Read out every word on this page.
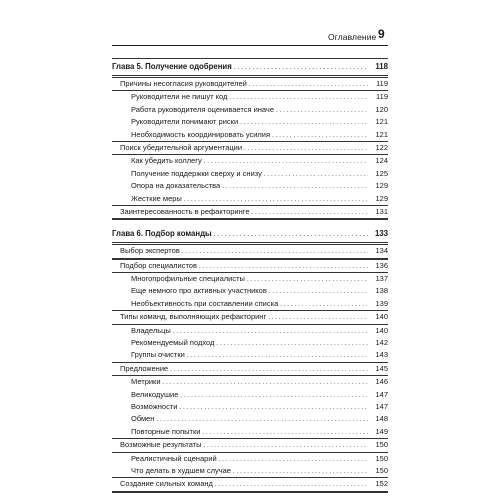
Оглавление 9
Глава 5. Получение одобрения . . .	118
Причины несогласия руководителей . . .	119
Руководители не пишут код . . .	119
Работа руководителя оценивается иначе . . .	120
Руководители понимают риски . . .	121
Необходимость координировать усилия . . .	121
Поиск убедительной аргументации . . .	122
Как убедить коллегу . . .	124
Получение поддержки сверху и снизу . . .	125
Опора на доказательства . . .	129
Жесткие меры . . .	129
Заинтересованность в рефакторинге . . .	131
Глава 6. Подбор команды . . .	133
Выбор экспертов . . .	134
Подбор специалистов . . .	136
Многопрофильные специалисты . . .	137
Еще немного про активных участников . . .	138
Необъективность при составлении списка . . .	139
Типы команд, выполняющих рефакторинг . . .	140
Владельцы . . .	140
Рекомендуемый подход . . .	142
Группы очистки . . .	143
Предложение . . .	145
Метрики . . .	146
Великодушие . . .	147
Возможности . . .	147
Обмен . . .	148
Повторные попытки . . .	149
Возможные результаты . . .	150
Реалистичный сценарий . . .	150
Что делать в худшем случае . . .	150
Создание сильных команд . . .	152
